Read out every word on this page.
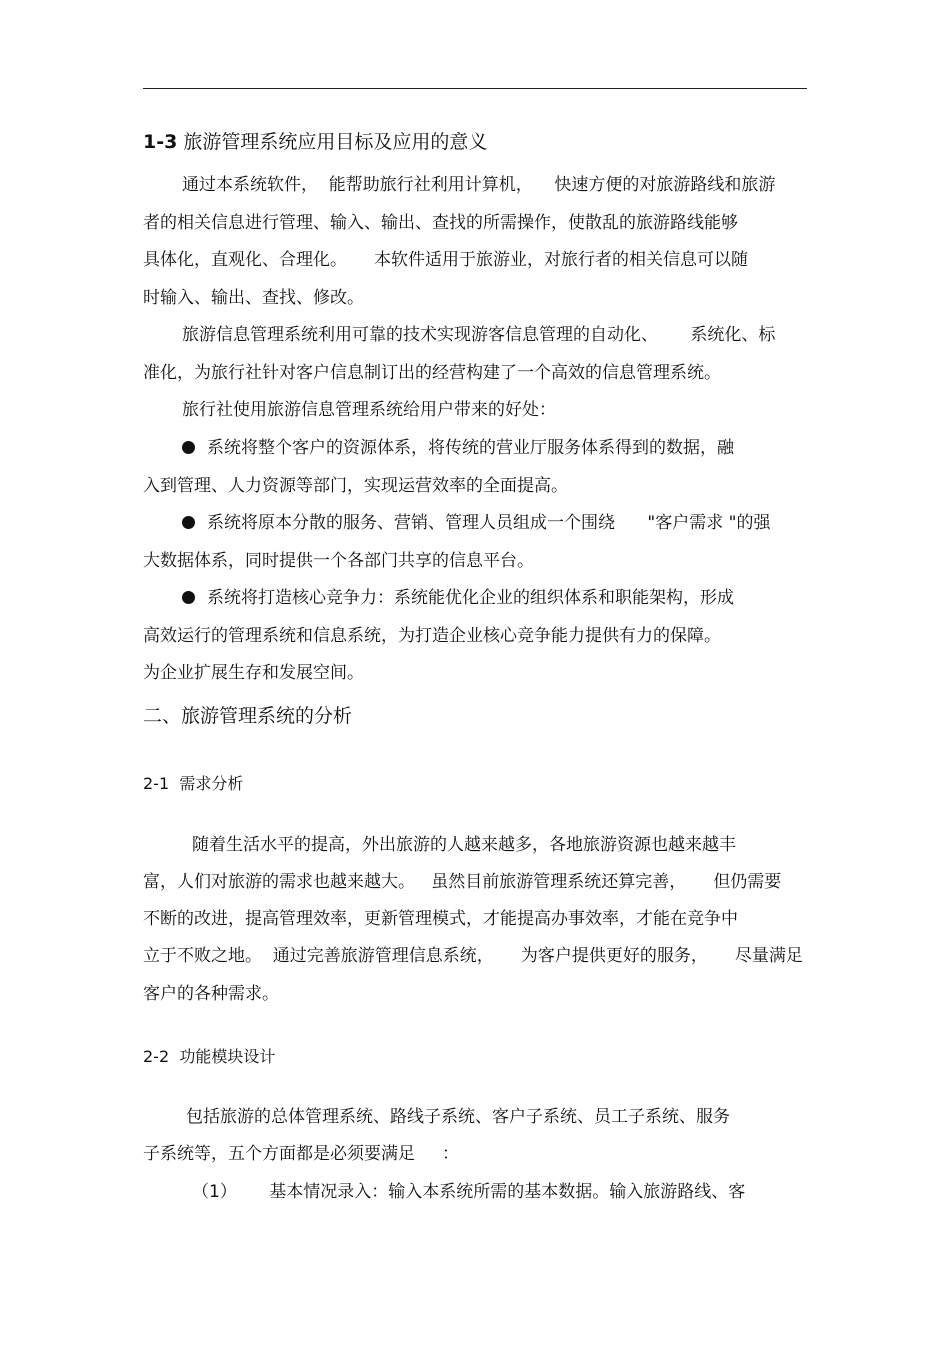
1-3 旅游管理系统应用目标及应用的意义
通过本系统软件，  能帮助旅行社利用计算机，    快速方便的对旅游路线和旅游
者的相关信息进行管理、输入、输出、查找的所需操作，使散乱的旅游路线能够
具体化，直观化、合理化。     本软件适用于旅游业，对旅行者的相关信息可以随
时输入、输出、查找、修改。
旅游信息管理系统利用可靠的技术实现游客信息管理的自动化、      系统化、标
准化，为旅行社针对客户信息制订出的经营构建了一个高效的信息管理系统。
旅行社使用旅游信息管理系统给用户带来的好处：
系统将整个客户的资源体系，将传统的营业厅服务体系得到的数据，融
入到管理、人力资源等部门，实现运营效率的全面提高。
系统将原本分散的服务、营销、管理人员组成一个围绕      "客户需求 "的强
大数据体系，同时提供一个各部门共享的信息平台。
系统将打造核心竞争力：系统能优化企业的组织体系和职能架构，形成
高效运行的管理系统和信息系统，为打造企业核心竞争能力提供有力的保障。
为企业扩展生存和发展空间。
二、旅游管理系统的分析
2-1 需求分析
随着生活水平的提高，外出旅游的人越来越多，各地旅游资源也越来越丰
富，人们对旅游的需求也越来越大。   虽然目前旅游管理系统还算完善，     但仍需要
不断的改进，提高管理效率，更新管理模式，才能提高办事效率，才能在竞争中
立于不败之地。  通过完善旅游管理信息系统，     为客户提供更好的服务，     尽量满足
客户的各种需求。
2-2 功能模块设计
包括旅游的总体管理系统、路线子系统、客户子系统、员工子系统、服务
子系统等，五个方面都是必须要满足     ：
（1） 基本情况录入：输入本系统所需的基本数据。输入旅游路线、客
